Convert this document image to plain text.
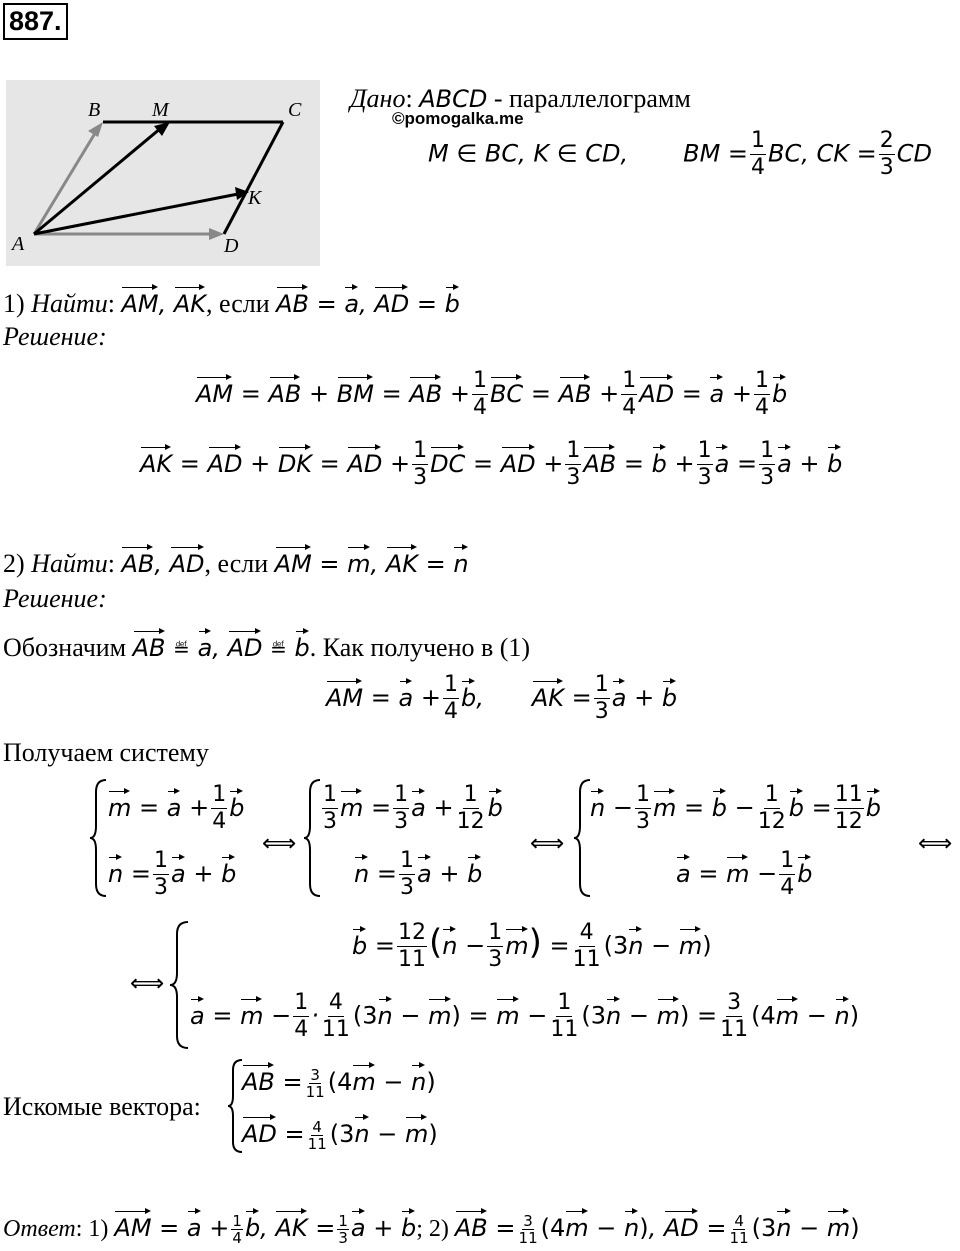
887.
B	M	C
K
A	D
Дано: ABCD - параллелограмм
©pomogalka.me
M ∈ BC, K ∈ CD, BM = $\frac{1}{4}$ BC, CK = $\frac{2}{3}$ CD
1) Найти: AM, AK, если AB = a, AD = b
Решение:
AM = AB + BM = AB + $\frac{1}{4}$ BC = AB + $\frac{1}{4}$ AD = $a + \frac{1}{4}$ b
AK = AD + DK = AD + $\frac{1}{3}$ DC = AD + $\frac{1}{3}$ AB = $b + \frac{1}{3}$ $a = \frac{1}{3}$ a + b
2) Найти: AB, AD, если AM = m, AK = n
Решение:
Обозначим AB ≝ a, AD ≝ b. Как получено в (1)
AM = $a + \frac{1}{4} b$, AK = $\frac{1}{3}$ a + b
Получаем систему
$m = a + \frac{1}{4}$ b
$n = \frac{1}{3}$ a + b
⟺
$\frac{1}{3}$ $m = \frac{1}{3}$ $a + \frac{1}{12}$ b
$n = \frac{1}{3}$ a + b
⟺
$n - \frac{1}{3}$ $m = b - \frac{1}{12}$ $b = \frac{11}{12}$ b
$a = m - \frac{1}{4}$ b
⟺
⟺
$b = \frac{12}{11} (n - \frac{1}{3} m) = \frac{4}{11} (3n - m)$
$a = m - \frac{1}{4} \cdot \frac{4}{11} (3n - m) = m - \frac{1}{11} (3n - m) = \frac{3}{11} (4m - n)$
Искомые вектора:
AB = $\frac{3}{11} (4m - n)$
AD = $\frac{4}{11} (3n - m)$
Ответ: 1) AM = $a + \frac{1}{4} b$, AK = $\frac{1}{3}$ a + b; 2) AB = $\frac{3}{11} (4m - n)$, AD = $\frac{4}{11} (3n - m)$
